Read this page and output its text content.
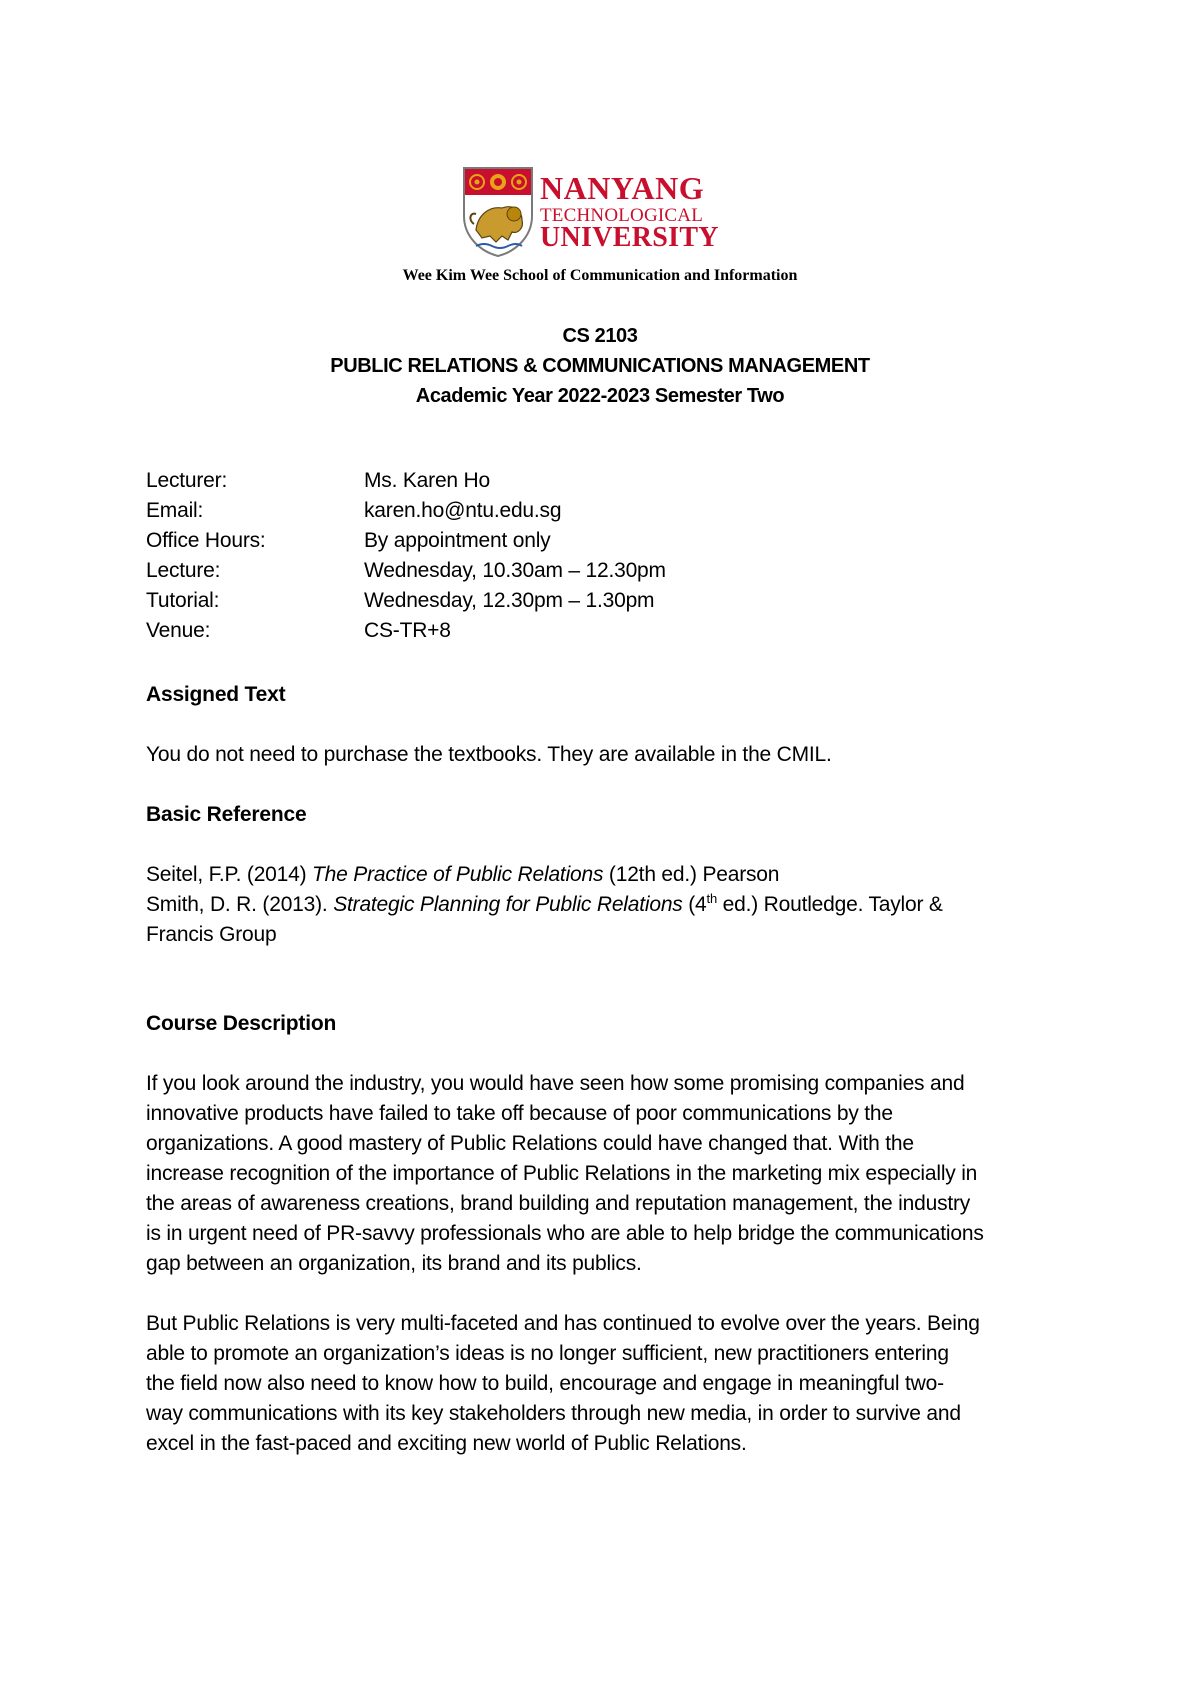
NANYANG
TECHNOLOGICAL
UNIVERSITY
Wee Kim Wee School of Communication and Information
CS 2103
PUBLIC RELATIONS & COMMUNICATIONS MANAGEMENT
Academic Year 2022-2023 Semester Two
Lecturer:	Ms. Karen Ho
Email:	karen.ho@ntu.edu.sg
Office Hours:	By appointment only
Lecture:	Wednesday, 10.30am – 12.30pm
Tutorial:	Wednesday, 12.30pm – 1.30pm
Venue:	CS-TR+8
Assigned Text
You do not need to purchase the textbooks. They are available in the CMIL.
Basic Reference
Seitel, F.P. (2014) The Practice of Public Relations (12th ed.) Pearson
Smith, D. R. (2013). Strategic Planning for Public Relations (4th ed.) Routledge. Taylor &
Francis Group
Course Description
If you look around the industry, you would have seen how some promising companies and
innovative products have failed to take off because of poor communications by the
organizations. A good mastery of Public Relations could have changed that. With the
increase recognition of the importance of Public Relations in the marketing mix especially in
the areas of awareness creations, brand building and reputation management, the industry
is in urgent need of PR-savvy professionals who are able to help bridge the communications
gap between an organization, its brand and its publics.
But Public Relations is very multi-faceted and has continued to evolve over the years. Being
able to promote an organization’s ideas is no longer sufficient, new practitioners entering
the field now also need to know how to build, encourage and engage in meaningful two-
way communications with its key stakeholders through new media, in order to survive and
excel in the fast-paced and exciting new world of Public Relations.
